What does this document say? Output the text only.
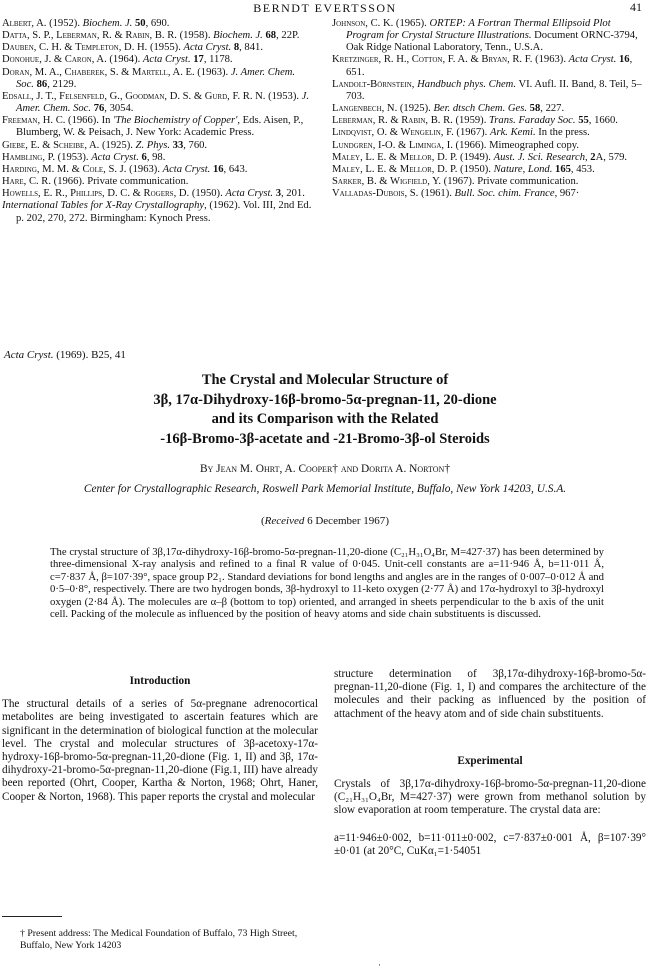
BERNDT EVERTSSON	41

Albert, A. (1952). Biochem. J. 50, 690.

Datta, S. P., Leberman, R. & Rabin, B. R. (1958). Biochem. J. 68, 22P.

Dauben, C. H. & Templeton, D. H. (1955). Acta Cryst. 8, 841.

Donohue, J. & Caron, A. (1964). Acta Cryst. 17, 1178.

Doran, M. A., Chaberek, S. & Martell, A. E. (1963). J. Amer. Chem. Soc. 86, 2129.

Edsall, J. T., Felsenfeld, G., Goodman, D. S. & Gurd, F. R. N. (1953). J. Amer. Chem. Soc. 76, 3054.

Freeman, H. C. (1966). In 'The Biochemistry of Copper', Eds. Aisen, P., Blumberg, W. & Peisach, J. New York: Academic Press.

Giebe, E. & Scheibe, A. (1925). Z. Phys. 33, 760.

Hambling, P. (1953). Acta Cryst. 6, 98.

Harding, M. M. & Cole, S. J. (1963). Acta Cryst. 16, 643.

Hare, C. R. (1966). Private communication.

Howells, E. R., Phillips, D. C. & Rogers, D. (1950). Acta Cryst. 3, 201.

International Tables for X-Ray Crystallography, (1962). Vol. III, 2nd Ed. p. 202, 270, 272. Birmingham: Kynoch Press.

Johnson, C. K. (1965). ORTEP: A Fortran Thermal Ellipsoid Plot Program for Crystal Structure Illustrations. Document ORNC-3794, Oak Ridge National Laboratory, Tenn., U.S.A.

Kretzinger, R. H., Cotton, F. A. & Bryan, R. F. (1963). Acta Cryst. 16, 651.

Landolt-Börnstein, Handbuch phys. Chem. VI. Aufl. II. Band, 8. Teil, 5–703.

Langenbech, N. (1925). Ber. dtsch Chem. Ges. 58, 227.

Leberman, R. & Rabin, B. R. (1959). Trans. Faraday Soc. 55, 1660.

Lindqvist, O. & Wengelin, F. (1967). Ark. Kemi. In the press.

Lundgren, I-O. & Liminga, I. (1966). Mimeographed copy.

Maley, L. E. & Mellor, D. P. (1949). Aust. J. Sci. Research, 2A, 579.

Maley, L. E. & Mellor, D. P. (1950). Nature, Lond. 165, 453.

Sarker, B. & Wigfield, Y. (1967). Private communication.

Valladas-Dubois, S. (1961). Bull. Soc. chim. France, 967·

Acta Cryst. (1969). B25, 41
The Crystal and Molecular Structure of
3β, 17α-Dihydroxy-16β-bromo-5α-pregnan-11, 20-dione
and its Comparison with the Related
-16β-Bromo-3β-acetate and -21-Bromo-3β-ol Steroids
By Jean M. Ohrt, A. Cooper† and Dorita A. Norton†
Center for Crystallographic Research, Roswell Park Memorial Institute, Buffalo, New York 14203, U.S.A.
(Received 6 December 1967)
The crystal structure of 3β,17α-dihydroxy-16β-bromo-5α-pregnan-11,20-dione (C₂₁H₃₁O₄Br, M=427·37) has been determined by three-dimensional X-ray analysis and refined to a final R value of 0·045. Unit-cell constants are a=11·946 Å, b=11·011 Å, c=7·837 Å, β=107·39°, space group P2₁. Standard deviations for bond lengths and angles are in the ranges of 0·007–0·012 Å and 0·5–0·8°, respectively. There are two hydrogen bonds, 3β-hydroxyl to 11-keto oxygen (2·77 Å) and 17α-hydroxyl to 3β-hydroxyl oxygen (2·84 Å). The molecules are α–β (bottom to top) oriented, and arranged in sheets perpendicular to the b axis of the unit cell. Packing of the molecule as influenced by the position of heavy atoms and side chain substituents is discussed.
Introduction
The structural details of a series of 5α-pregnane adrenocortical metabolites are being investigated to ascertain features which are significant in the determination of biological function at the molecular level. The crystal and molecular structures of 3β-acetoxy-17α-hydroxy-16β-bromo-5α-pregnan-11,20-dione (Fig. 1, II) and 3β, 17α-dihydroxy-21-bromo-5α-pregnan-11,20-dione (Fig.1, III) have already been reported (Ohrt, Cooper, Kartha & Norton, 1968; Ohrt, Haner, Cooper & Norton, 1968). This paper reports the crystal and molecular
structure determination of 3β,17α-dihydroxy-16β-bromo-5α-pregnan-11,20-dione (Fig. 1, I) and compares the architecture of the molecules and their packing as influenced by the position of attachment of the heavy atom and of side chain substituents.
Experimental
Crystals of 3β,17α-dihydroxy-16β-bromo-5α-pregnan-11,20-dione (C₂₁H₃₁O₄Br, M=427·37) were grown from methanol solution by slow evaporation at room temperature. The crystal data are:
a=11·946±0·002, b=11·011±0·002, c=7·837±0·001 Å, β=107·39°±0·01 (at 20°C, CuKα₁=1·54051
† Present address: The Medical Foundation of Buffalo, 73 High Street, Buffalo, New York 14203
·
